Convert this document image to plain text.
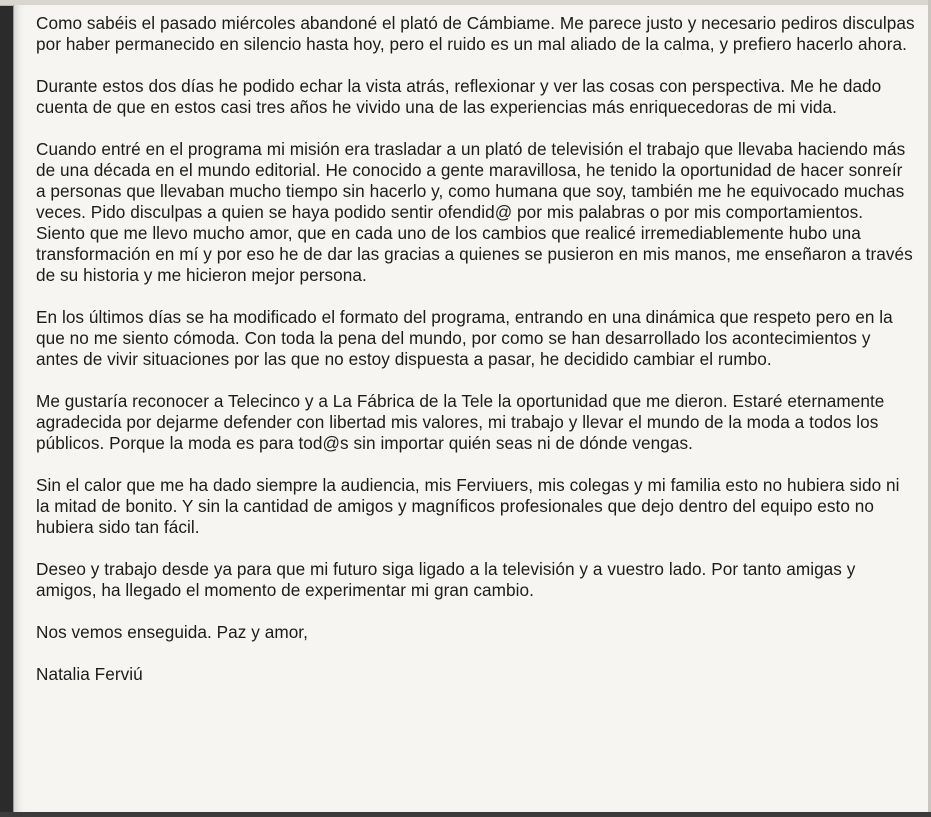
Como sabéis el pasado miércoles abandoné el plató de Cámbiame. Me parece justo y necesario pediros disculpas por haber permanecido en silencio hasta hoy, pero el ruido es un mal aliado de la calma, y prefiero hacerlo ahora.

Durante estos dos días he podido echar la vista atrás, reflexionar y ver las cosas con perspectiva. Me he dado cuenta de que en estos casi tres años he vivido una de las experiencias más enriquecedoras de mi vida.

Cuando entré en el programa mi misión era trasladar a un plató de televisión el trabajo que llevaba haciendo más de una década en el mundo editorial. He conocido a gente maravillosa, he tenido la oportunidad de hacer sonreír a personas que llevaban mucho tiempo sin hacerlo y, como humana que soy, también me he equivocado muchas veces. Pido disculpas a quien se haya podido sentir ofendid@ por mis palabras o por mis comportamientos. Siento que me llevo mucho amor, que en cada uno de los cambios que realicé irremediablemente hubo una transformación en mí y por eso he de dar las gracias a quienes se pusieron en mis manos, me enseñaron a través de su historia y me hicieron mejor persona.

En los últimos días se ha modificado el formato del programa, entrando en una dinámica que respeto pero en la que no me siento cómoda. Con toda la pena del mundo, por como se han desarrollado los acontecimientos y antes de vivir situaciones por las que no estoy dispuesta a pasar, he decidido cambiar el rumbo.

Me gustaría reconocer a Telecinco y a La Fábrica de la Tele la oportunidad que me dieron. Estaré eternamente agradecida por dejarme defender con libertad mis valores, mi trabajo y llevar el mundo de la moda a todos los públicos. Porque la moda es para tod@s sin importar quién seas ni de dónde vengas.

Sin el calor que me ha dado siempre la audiencia, mis Ferviuers, mis colegas y mi familia esto no hubiera sido ni la mitad de bonito. Y sin la cantidad de amigos y magníficos profesionales que dejo dentro del equipo esto no hubiera sido tan fácil.

Deseo y trabajo desde ya para que mi futuro siga ligado a la televisión y a vuestro lado. Por tanto amigas y amigos, ha llegado el momento de experimentar mi gran cambio.

Nos vemos enseguida. Paz y amor,

Natalia Ferviú
